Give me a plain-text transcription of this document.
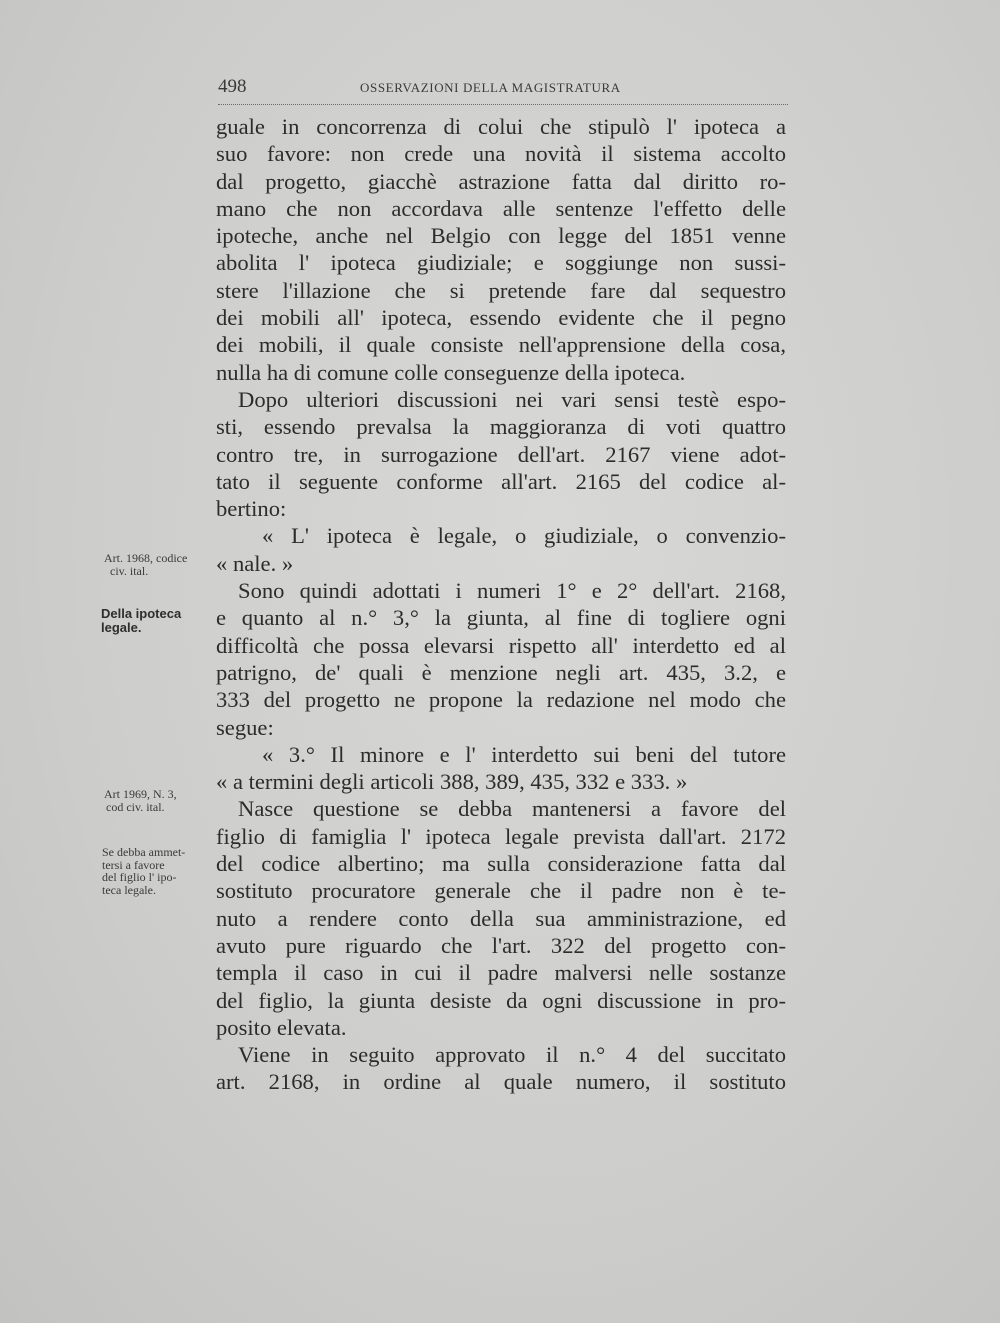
498	OSSERVAZIONI DELLA MAGISTRATURA
guale in concorrenza di colui che stipulò l' ipoteca a
suo favore: non crede una novità il sistema accolto
dal progetto, giacchè astrazione fatta dal diritto ro-
mano che non accordava alle sentenze l'effetto delle
ipoteche, anche nel Belgio con legge del 1851 venne
abolita l' ipoteca giudiziale; e soggiunge non sussi-
stere l'illazione che si pretende fare dal sequestro
dei mobili all' ipoteca, essendo evidente che il pegno
dei mobili, il quale consiste nell'apprensione della cosa,
nulla ha di comune colle conseguenze della ipoteca.
Dopo ulteriori discussioni nei vari sensi testè espo-
sti, essendo prevalsa la maggioranza di voti quattro
contro tre, in surrogazione dell'art. 2167 viene adot-
tato il seguente conforme all'art. 2165 del codice al-
bertino:
« L' ipoteca è legale, o giudiziale, o convenzio-
« nale. »
Sono quindi adottati i numeri 1° e 2° dell'art. 2168,
e quanto al n.° 3,° la giunta, al fine di togliere ogni
difficoltà che possa elevarsi rispetto all' interdetto ed al
patrigno, de' quali è menzione negli art. 435, 3.2, e
333 del progetto ne propone la redazione nel modo che
segue:
« 3.° Il minore e l' interdetto sui beni del tutore
« a termini degli articoli 388, 389, 435, 332 e 333. »
Nasce questione se debba mantenersi a favore del
figlio di famiglia l' ipoteca legale prevista dall'art. 2172
del codice albertino; ma sulla considerazione fatta dal
sostituto procuratore generale che il padre non è te-
nuto a rendere conto della sua amministrazione, ed
avuto pure riguardo che l'art. 322 del progetto con-
templa il caso in cui il padre malversi nelle sostanze
del figlio, la giunta desiste da ogni discussione in pro-
posito elevata.
Viene in seguito approvato il n.° 4 del succitato
art. 2168, in ordine al quale numero, il sostituto
Art. 1968, codice
civ. ital.
Della ipoteca
legale.
Art 1969, N. 3,
cod civ. ital.
Se debba ammet-
tersi a favore
del figlio l' ipo-
teca legale.
